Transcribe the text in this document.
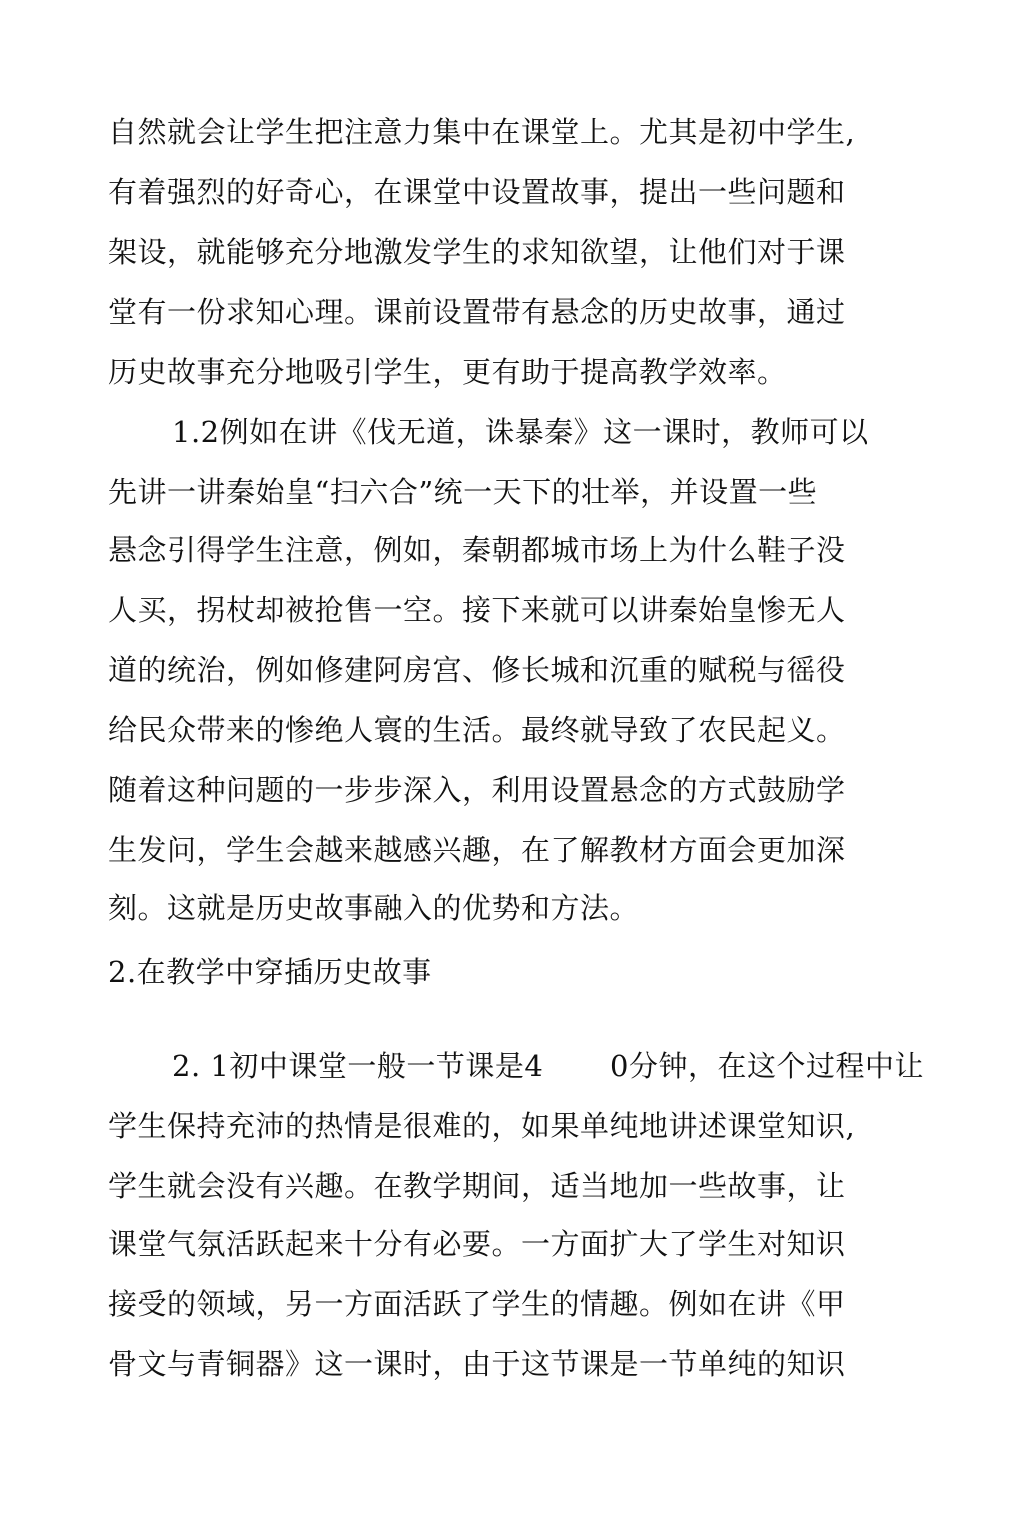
自然就会让学生把注意力集中在课堂上。尤其是初中学生,
有着强烈的好奇心，在课堂中设置故事，提出一些问题和
架设，就能够充分地激发学生的求知欲望，让他们对于课
堂有一份求知心理。课前设置带有悬念的历史故事，通过
历史故事充分地吸引学生，更有助于提高教学效率。
1.2例如在讲《伐无道，诛暴秦》这一课时，教师可以
先讲一讲秦始皇“扫六合”统一天下的壮举，并设置一些
悬念引得学生注意，例如，秦朝都城市场上为什么鞋子没
人买，拐杖却被抢售一空。接下来就可以讲秦始皇惨无人
道的统治，例如修建阿房宫、修长城和沉重的赋税与徭役
给民众带来的惨绝人寰的生活。最终就导致了农民起义。
随着这种问题的一步步深入，利用设置悬念的方式鼓励学
生发问，学生会越来越感兴趣，在了解教材方面会更加深
刻。这就是历史故事融入的优势和方法。
2.在教学中穿插历史故事
2. 1初中课堂一般一节课是4 0分钟，在这个过程中让
学生保持充沛的热情是很难的，如果单纯地讲述课堂知识,
学生就会没有兴趣。在教学期间，适当地加一些故事，让
课堂气氛活跃起来十分有必要。一方面扩大了学生对知识
接受的领域，另一方面活跃了学生的情趣。例如在讲《甲
骨文与青铜器》这一课时，由于这节课是一节单纯的知识
